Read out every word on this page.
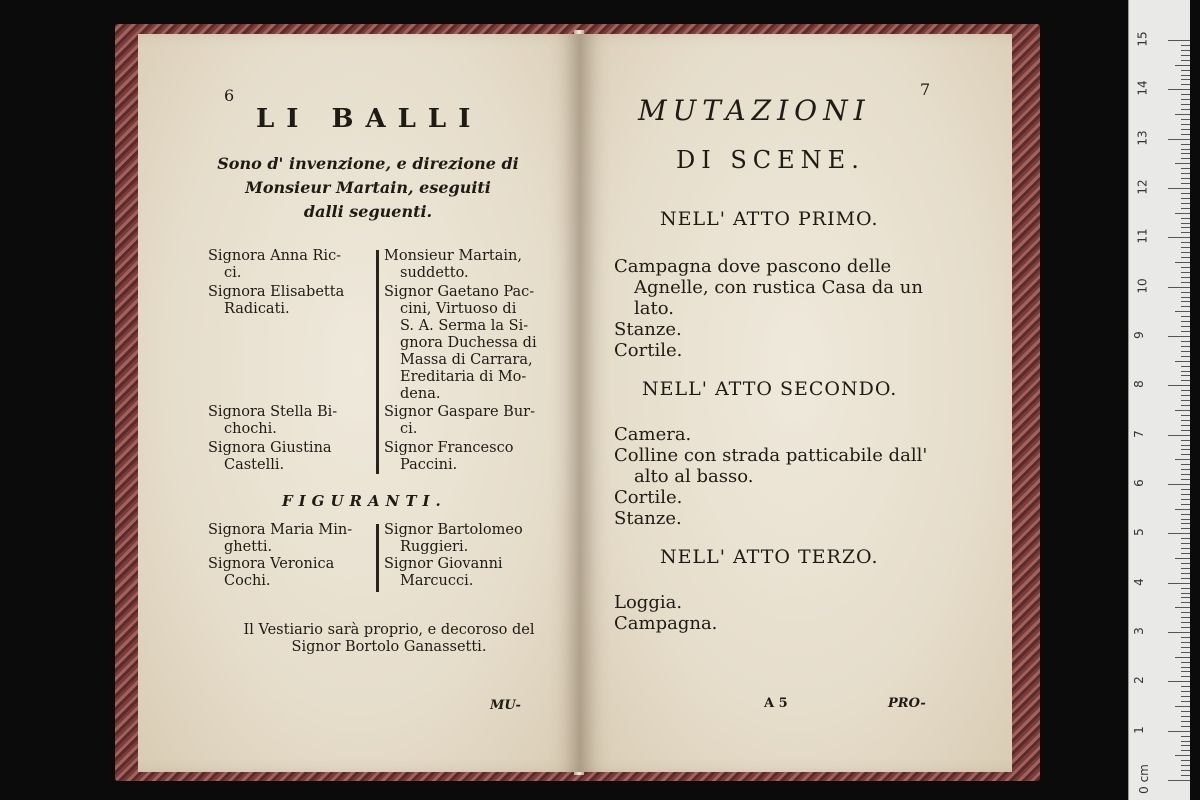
6
LI BALLI
Sono d' invenzione, e direzione di
Monsieur Martain, eseguiti
dalli seguenti.
Signora Anna Ric-
ci.
Signora Elisabetta
Radicati.
Signora Stella Bi-
chochi.
Signora Giustina
Castelli.
Monsieur Martain,
suddetto.
Signor Gaetano Pac-
cini, Virtuoso di
S. A. Serma la Si-
gnora Duchessa di
Massa di Carrara,
Ereditaria di Mo-
dena.
Signor Gaspare Bur-
ci.
Signor Francesco
Paccini.
FIGURANTI.
Signora Maria Min-
ghetti.
Signora Veronica
Cochi.
Signor Bartolomeo
Ruggieri.
Signor Giovanni
Marcucci.
Il Vestiario sarà proprio, e decoroso del
Signor Bortolo Ganassetti.
MU-
7
MUTAZIONI
DI SCENE.
NELL' ATTO PRIMO.
Campagna dove pascono delle
Agnelle, con rustica Casa da un
lato.
Stanze.
Cortile.
NELL' ATTO SECONDO.
Camera.
Colline con strada patticabile dall'
alto al basso.
Cortile.
Stanze.
NELL' ATTO TERZO.
Loggia.
Campagna.
A 5	PRO-
15
14
13
12
11
10
9
8
7
6
5
4
3
2
1
0 cm
